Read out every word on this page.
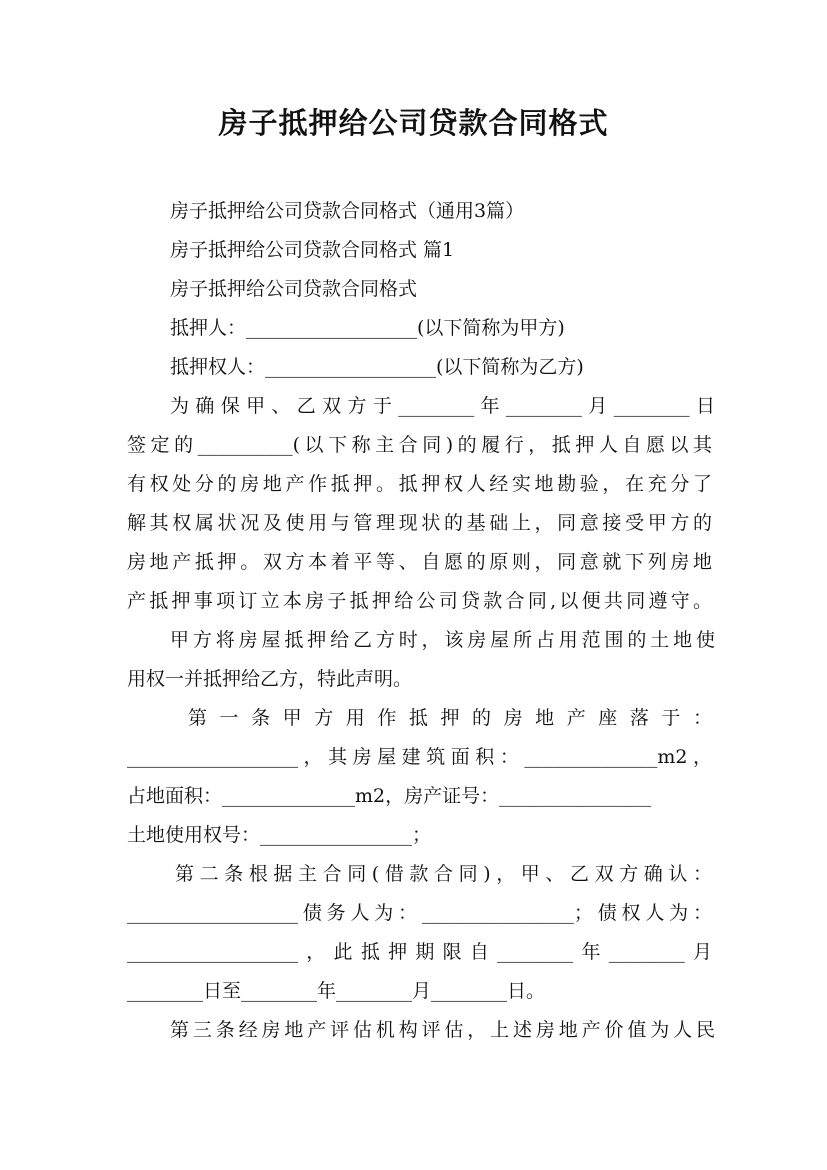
房子抵押给公司贷款合同格式
房子抵押给公司贷款合同格式（通用3篇）
房子抵押给公司贷款合同格式 篇1
房子抵押给公司贷款合同格式
抵押人：__________________(以下简称为甲方)
抵押权人：__________________(以下简称为乙方)
为确保甲、乙双方于________年________月________日
签定的__________(以下称主合同)的履行，抵押人自愿以其
有权处分的房地产作抵押。抵押权人经实地勘验，在充分了
解其权属状况及使用与管理现状的基础上，同意接受甲方的
房地产抵押。双方本着平等、自愿的原则，同意就下列房地
产抵押事项订立本房子抵押给公司贷款合同,以便共同遵守。
甲方将房屋抵押给乙方时，该房屋所占用范围的土地使
用权一并抵押给乙方，特此声明。
第一条甲方用作抵押的房地产座落于：
__________________，其房屋建筑面积：______________m2，
占地面积：______________m2，房产证号：________________
土地使用权号：________________；
第二条根据主合同(借款合同)，甲、乙双方确认：
__________________债务人为：________________；债权人为：
__________________，此抵押期限自________年________月
________日至________年________月________日。
第三条经房地产评估机构评估，上述房地产价值为人民
